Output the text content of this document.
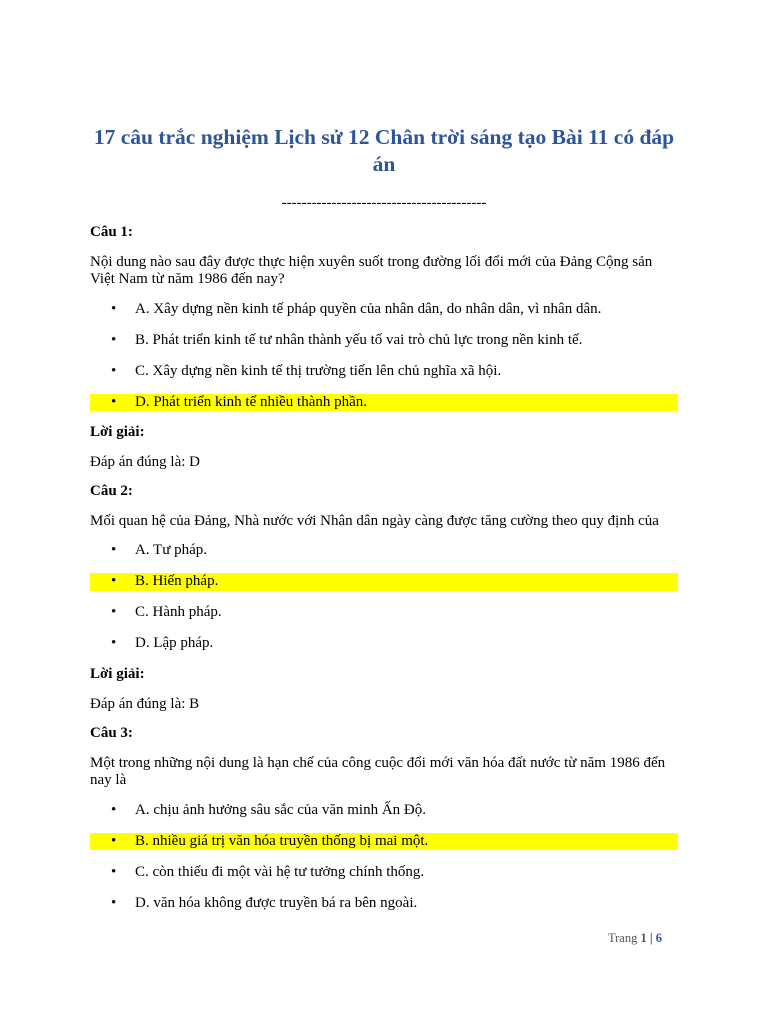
17 câu trắc nghiệm Lịch sử 12 Chân trời sáng tạo Bài 11 có đáp án
-----------------------------------------

Câu 1:

Nội dung nào sau đây được thực hiện xuyên suốt trong đường lối đổi mới của Đảng Cộng sản Việt Nam từ năm 1986 đến nay?

• A. Xây dựng nền kinh tế pháp quyền của nhân dân, do nhân dân, vì nhân dân.
• B. Phát triển kinh tế tư nhân thành yếu tố vai trò chủ lực trong nền kinh tế.
• C. Xây dựng nền kinh tế thị trường tiến lên chủ nghĩa xã hội.
• D. Phát triển kinh tế nhiều thành phần.

Lời giải:

Đáp án đúng là: D

Câu 2:

Mối quan hệ của Đảng, Nhà nước với Nhân dân ngày càng được tăng cường theo quy định của

• A. Tư pháp.
• B. Hiến pháp.
• C. Hành pháp.
• D. Lập pháp.

Lời giải:

Đáp án đúng là: B

Câu 3:

Một trong những nội dung là hạn chế của công cuộc đổi mới văn hóa đất nước từ năm 1986 đến nay là

• A. chịu ảnh hưởng sâu sắc của văn minh Ấn Độ.
• B. nhiều giá trị văn hóa truyền thống bị mai một.
• C. còn thiếu đi một vài hệ tư tưởng chính thống.
• D. văn hóa không được truyền bá ra bên ngoài.
Trang 1 | 6
